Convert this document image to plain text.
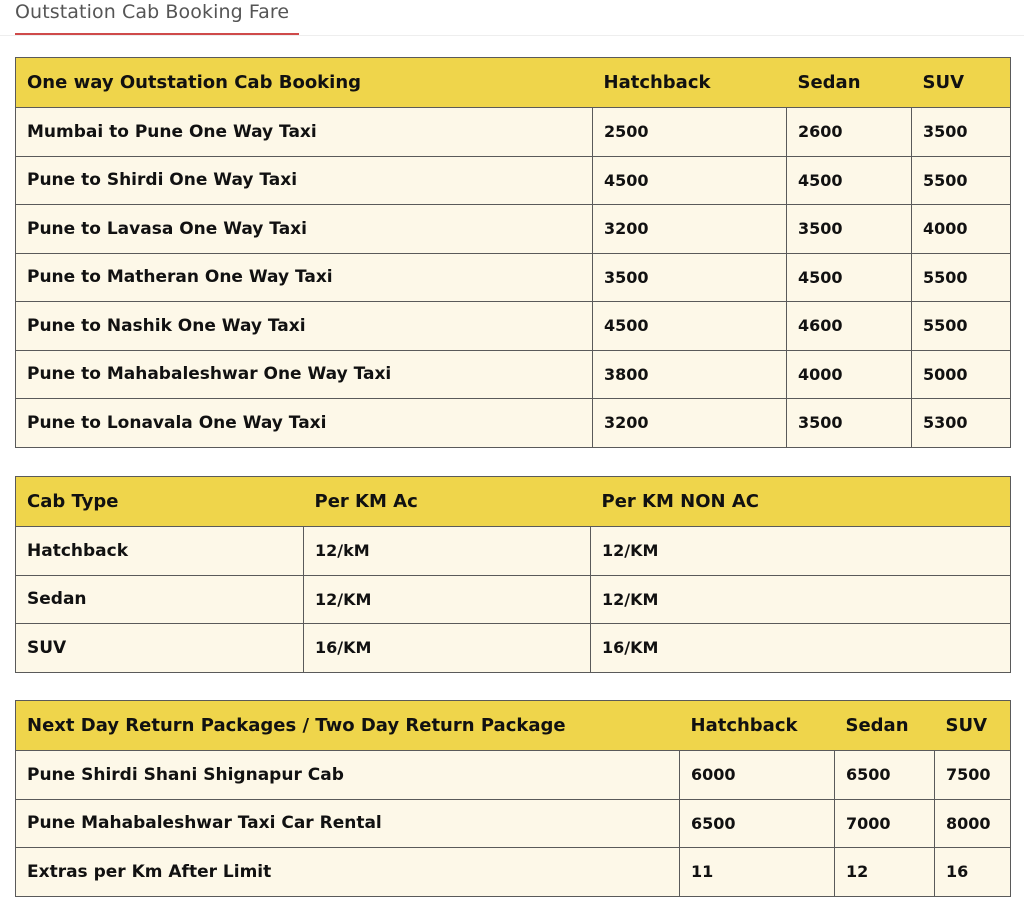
Outstation Cab Booking Fare
One way Outstation Cab Booking	Hatchback	Sedan	SUV
Mumbai to Pune One Way Taxi	2500	2600	3500
Pune to Shirdi One Way Taxi	4500	4500	5500
Pune to Lavasa One Way Taxi	3200	3500	4000
Pune to Matheran One Way Taxi	3500	4500	5500
Pune to Nashik One Way Taxi	4500	4600	5500
Pune to Mahabaleshwar One Way Taxi	3800	4000	5000
Pune to Lonavala One Way Taxi	3200	3500	5300
Cab Type	Per KM Ac	Per KM NON AC
Hatchback	12/kM	12/KM
Sedan	12/KM	12/KM
SUV	16/KM	16/KM
Next Day Return Packages / Two Day Return Package	Hatchback	Sedan	SUV
Pune Shirdi Shani Shignapur Cab	6000	6500	7500
Pune Mahabaleshwar Taxi Car Rental	6500	7000	8000
Extras per Km After Limit	11	12	16
